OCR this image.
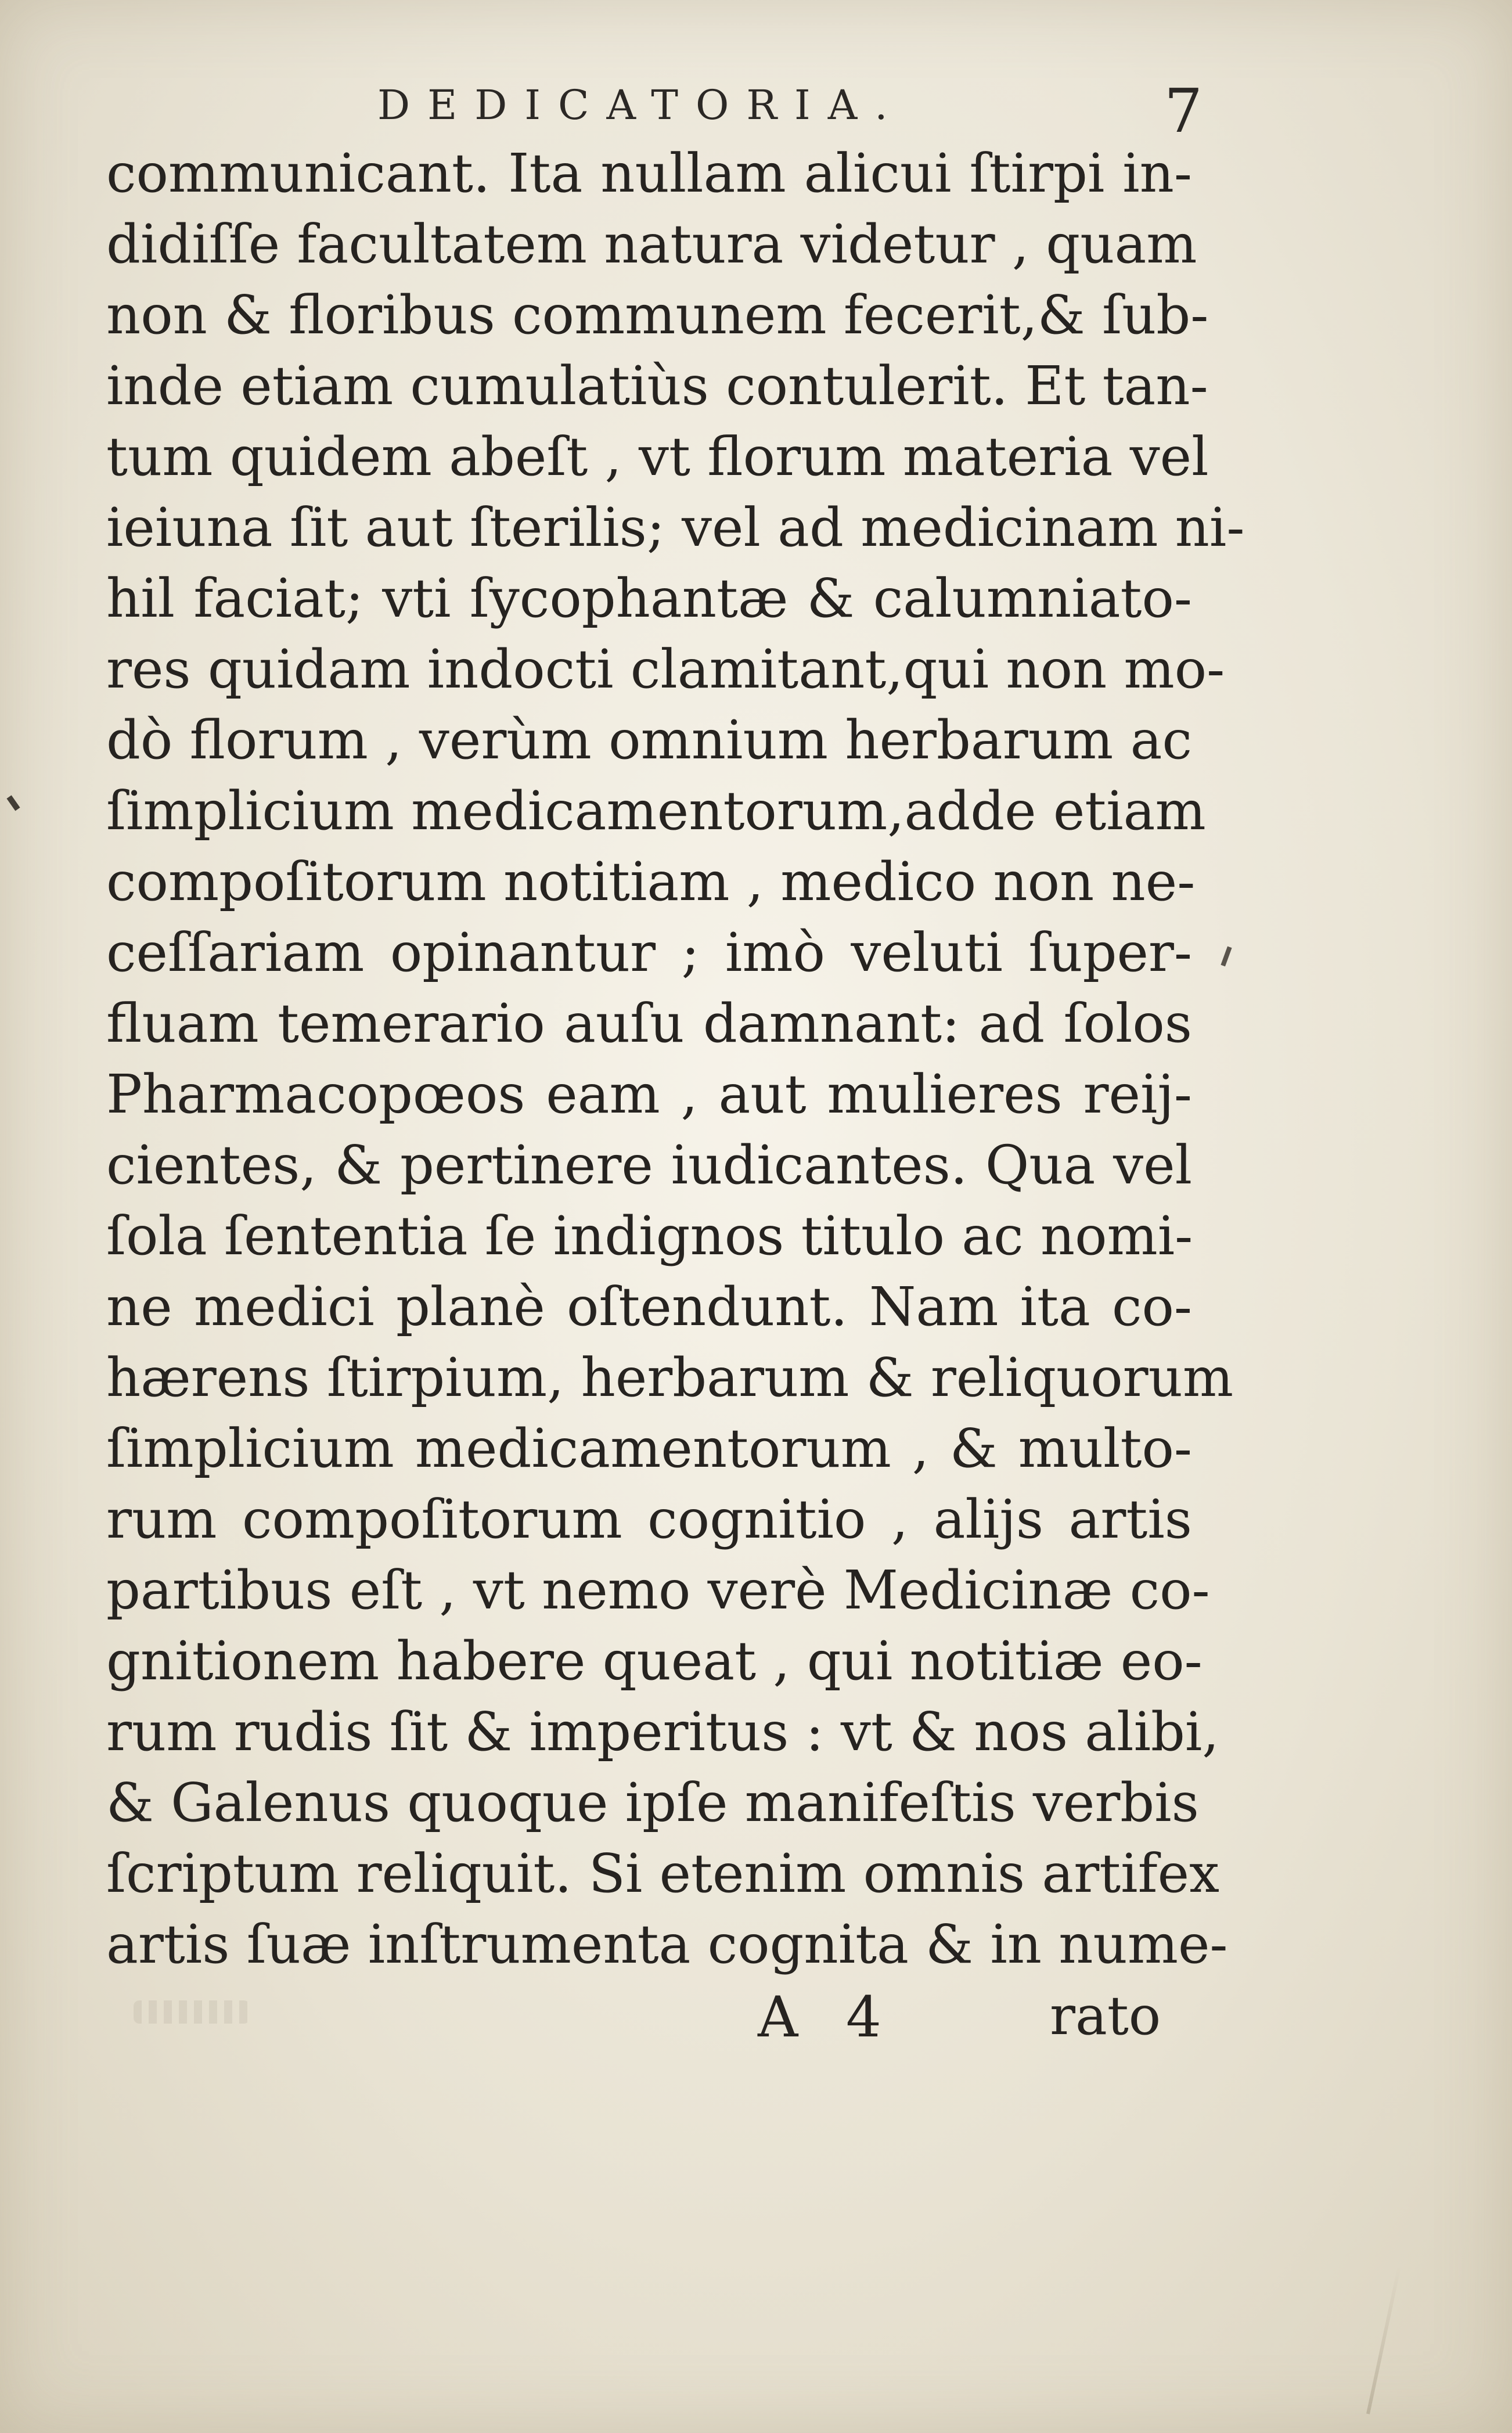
DEDICATORIA.	7
communicant. Ita nullam alicui ſtirpi in-
didiſſe facultatem natura videtur , quam
non & floribus communem fecerit,& ſub-
inde etiam cumulatiùs contulerit. Et tan-
tum quidem abeſt , vt florum materia vel
ieiuna ſit aut ſterilis; vel ad medicinam ni-
hil faciat; vti ſycophantæ & calumniato-
res quidam indocti clamitant,qui non mo-
dò florum , verùm omnium herbarum ac
ſimplicium medicamentorum,adde etiam
compoſitorum notitiam , medico non ne-
ceſſariam opinantur ; imò veluti ſuper-
fluam temerario auſu damnant: ad ſolos
Pharmacopœos eam , aut mulieres reij-
cientes, & pertinere iudicantes. Qua vel
ſola ſententia ſe indignos titulo ac nomi-
ne medici planè oſtendunt. Nam ita co-
hærens ſtirpium, herbarum & reliquorum
ſimplicium medicamentorum , & multo-
rum compoſitorum cognitio , alijs artis
partibus eſt , vt nemo verè Medicinæ co-
gnitionem habere queat , qui notitiæ eo-
rum rudis ſit & imperitus : vt & nos alibi,
& Galenus quoque ipſe manifeſtis verbis
ſcriptum reliquit. Si etenim omnis artifex
artis ſuæ inſtrumenta cognita & in nume-
A 4	rato
